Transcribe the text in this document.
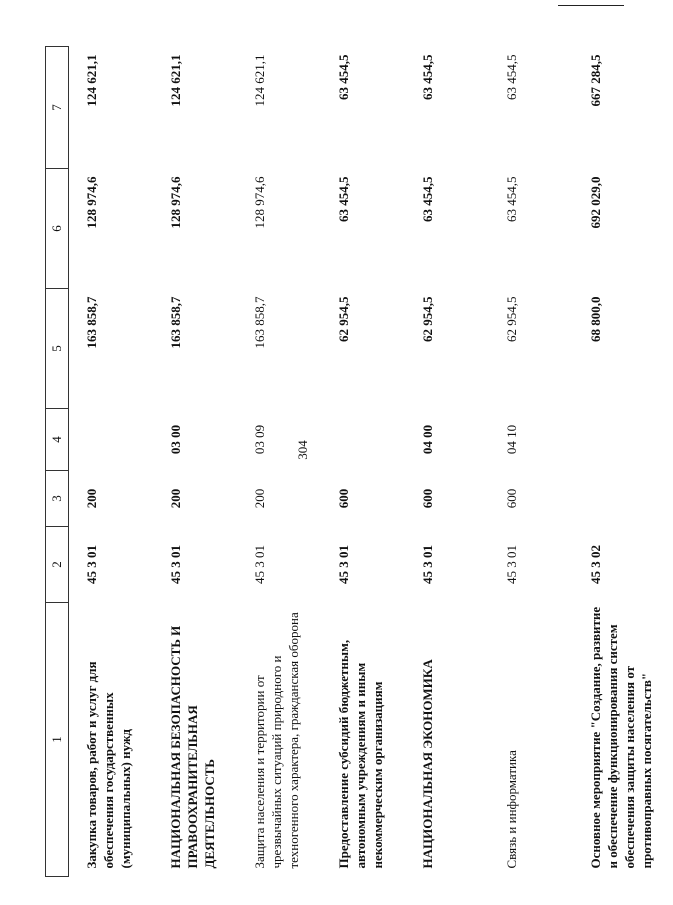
304
1	2	3	4	5	6	7
Закупка товаров, работ и услуг для обеспечения государственных (муниципальных) нужд	45 3 01	200		163 858,7	128 974,6	124 621,1
НАЦИОНАЛЬНАЯ БЕЗОПАСНОСТЬ И ПРАВООХРАНИТЕЛЬНАЯ ДЕЯТЕЛЬНОСТЬ	45 3 01	200	03 00	163 858,7	128 974,6	124 621,1
Защита населения и территории от чрезвычайных ситуаций природного и техногенного характера, гражданская оборона	45 3 01	200	03 09	163 858,7	128 974,6	124 621,1
Предоставление субсидий бюджетным, автономным учреждениям и иным некоммерческим организациям	45 3 01	600		62 954,5	63 454,5	63 454,5
НАЦИОНАЛЬНАЯ ЭКОНОМИКА	45 3 01	600	04 00	62 954,5	63 454,5	63 454,5
Связь и информатика	45 3 01	600	04 10	62 954,5	63 454,5	63 454,5
Основное мероприятие "Создание, развитие и обеспечение функционирования систем обеспечения защиты населения от противоправных посягательств"	45 3 02			68 800,0	692 029,0	667 284,5
